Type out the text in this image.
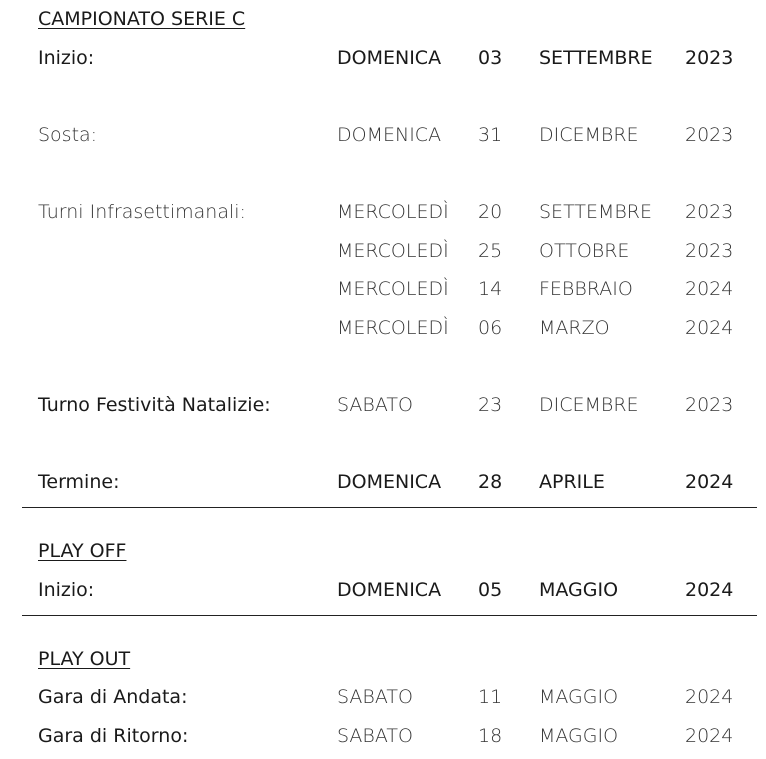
CAMPIONATO SERIE C
Inizio:	DOMENICA 03 SETTEMBRE 2023
Sosta:	DOMENICA 31 DICEMBRE 2023
Turni Infrasettimanali:	MERCOLEDÌ 20 SETTEMBRE 2023
MERCOLEDÌ 25 OTTOBRE	2023
MERCOLEDÌ 14 FEBBRAIO	2024
MERCOLEDÌ 06 MARZO	2024
Turno Festività Natalizie:	SABATO	23 DICEMBRE 2023
Termine:	DOMENICA 28 APRILE	2024
PLAY OFF
Inizio:	DOMENICA 05 MAGGIO	2024
PLAY OUT
Gara di Andata:	SABATO	11 MAGGIO	2024
Gara di Ritorno:	SABATO	18 MAGGIO	2024
